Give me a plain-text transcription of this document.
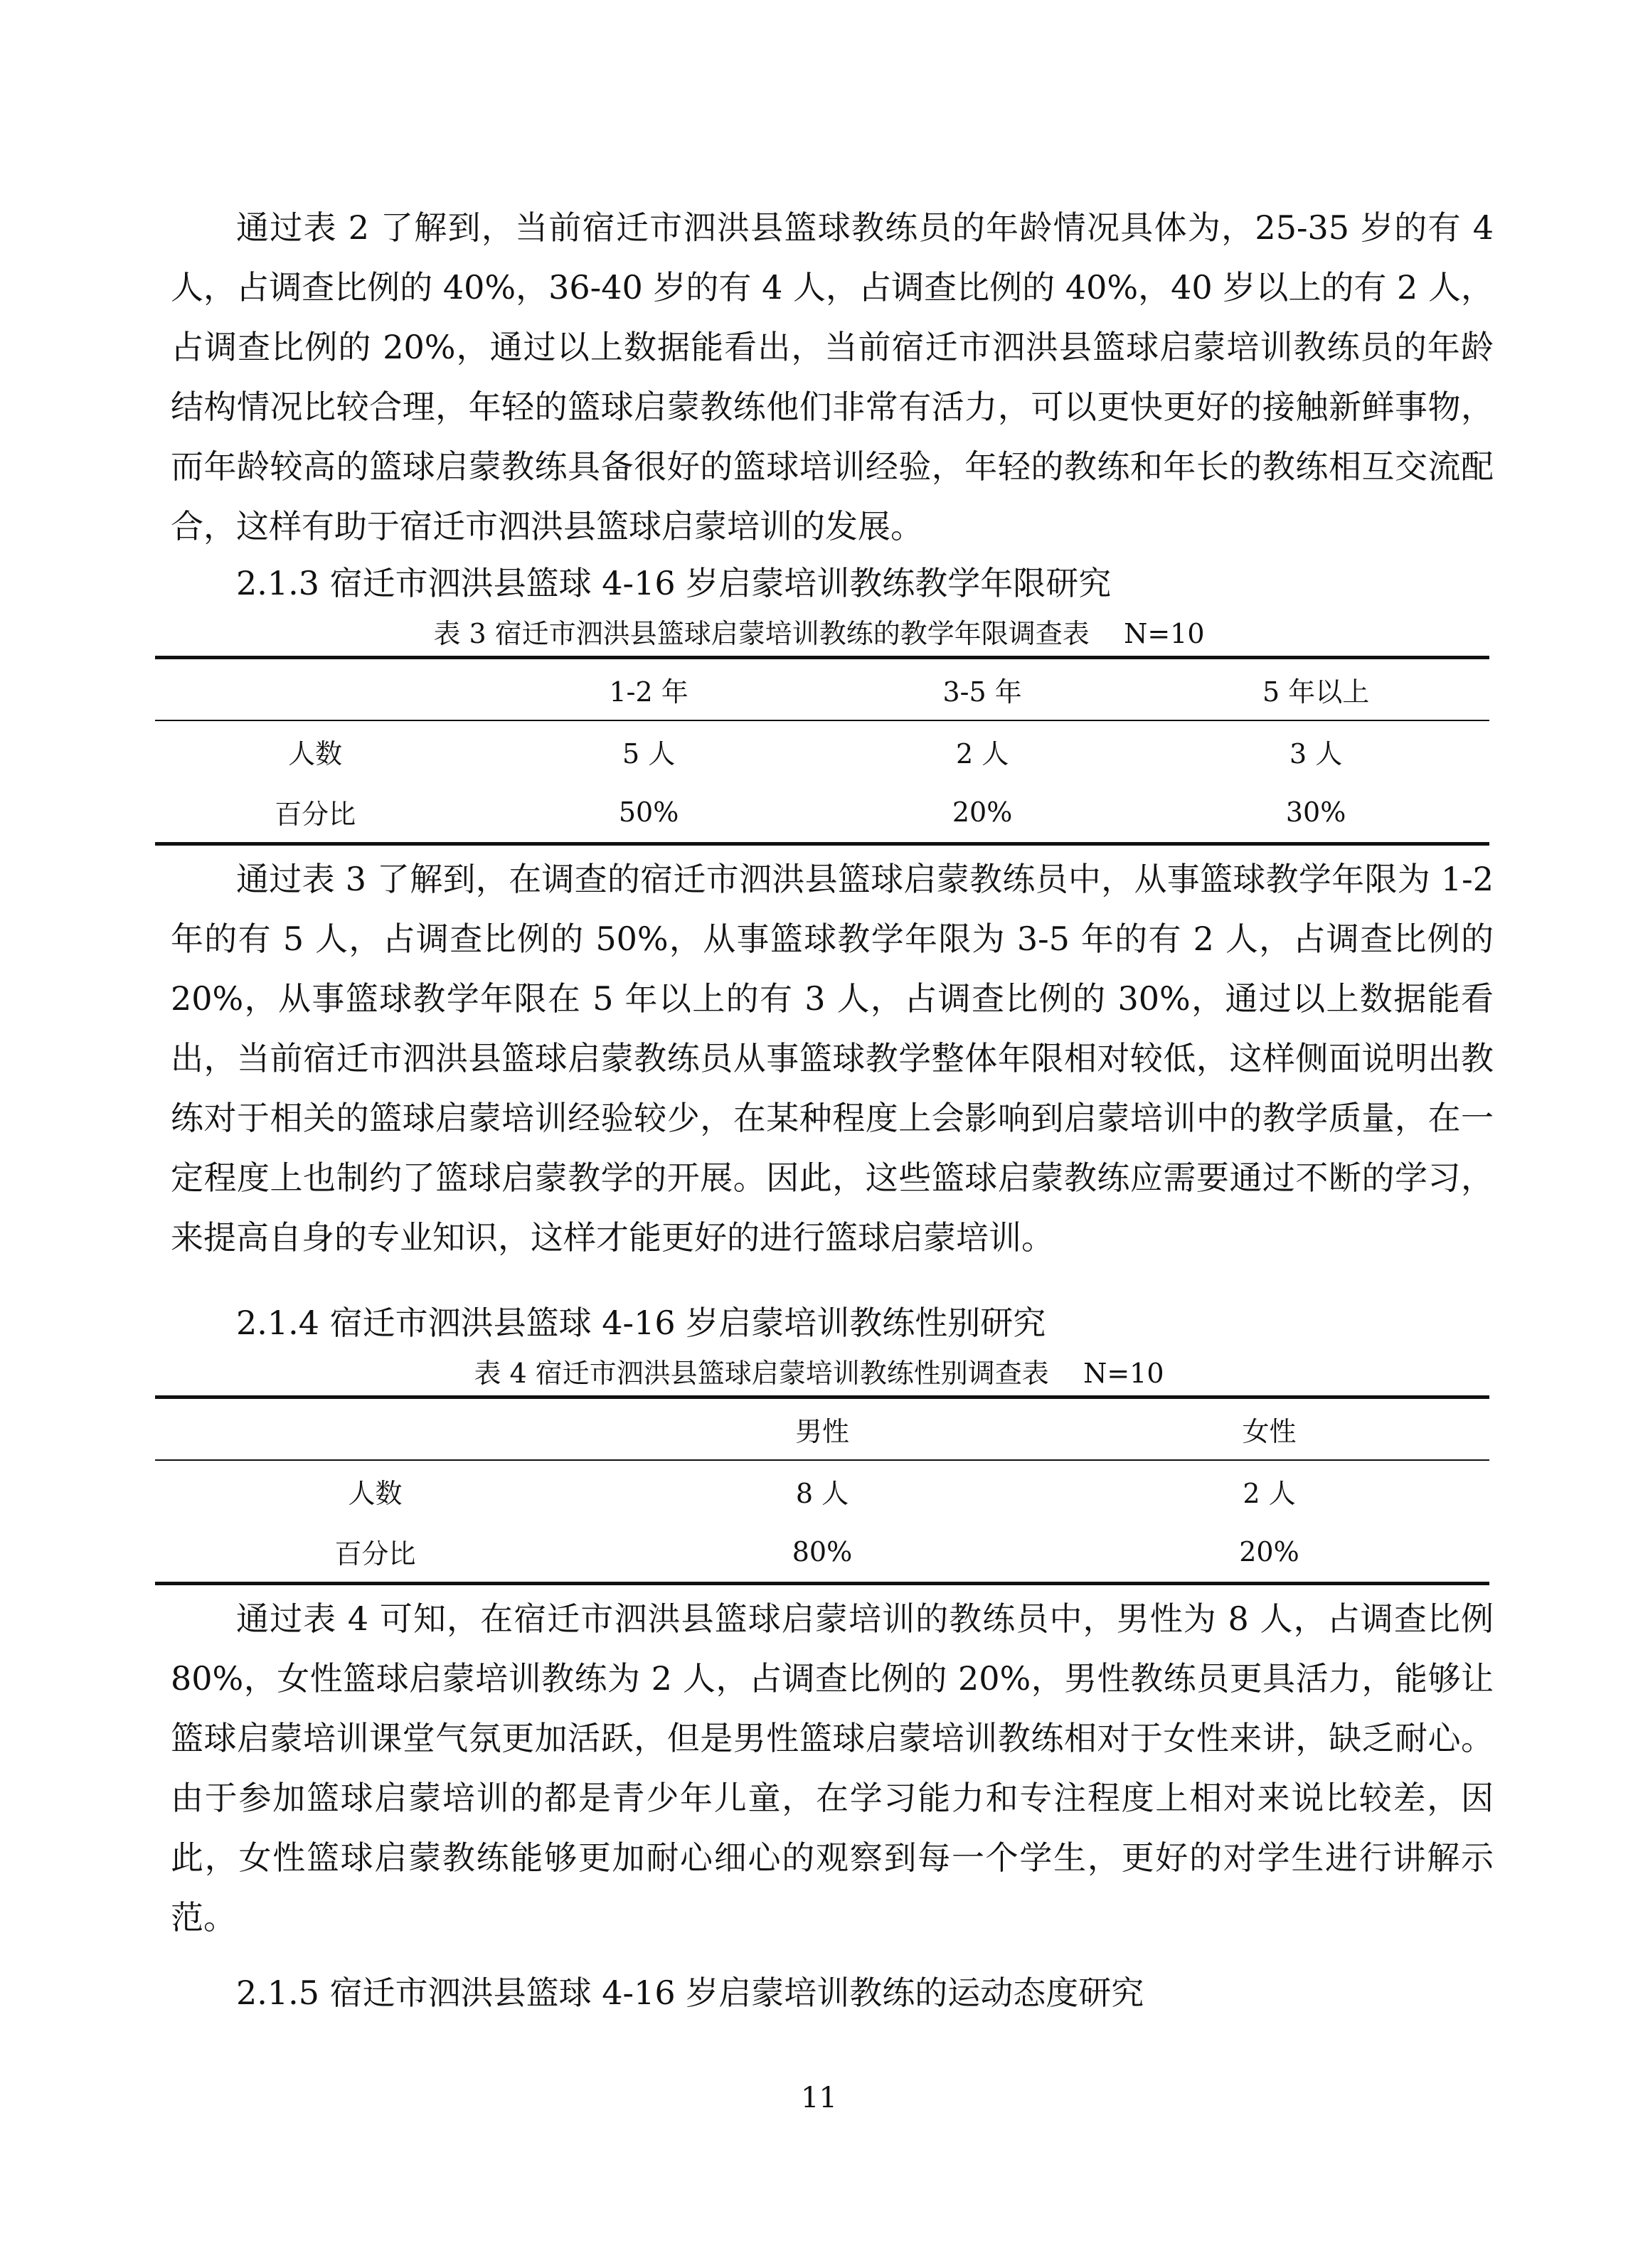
通过表 2 了解到，当前宿迁市泗洪县篮球教练员的年龄情况具体为，25-35 岁的有 4 人，占调查比例的 40%，36-40 岁的有 4 人，占调查比例的 40%，40 岁以上的有 2 人，占调查比例的 20%，通过以上数据能看出，当前宿迁市泗洪县篮球启蒙培训教练员的年龄结构情况比较合理，年轻的篮球启蒙教练他们非常有活力，可以更快更好的接触新鲜事物，而年龄较高的篮球启蒙教练具备很好的篮球培训经验，年轻的教练和年长的教练相互交流配合，这样有助于宿迁市泗洪县篮球启蒙培训的发展。

2.1.3 宿迁市泗洪县篮球 4-16 岁启蒙培训教练教学年限研究

表 3 宿迁市泗洪县篮球启蒙培训教练的教学年限调查表    N=10

	1-2 年	3-5 年	5 年以上
人数	5 人	2 人	3 人
百分比	50%	20%	30%

通过表 3 了解到，在调查的宿迁市泗洪县篮球启蒙教练员中，从事篮球教学年限为 1-2 年的有 5 人，占调查比例的 50%，从事篮球教学年限为 3-5 年的有 2 人，占调查比例的 20%，从事篮球教学年限在 5 年以上的有 3 人，占调查比例的 30%，通过以上数据能看出，当前宿迁市泗洪县篮球启蒙教练员从事篮球教学整体年限相对较低，这样侧面说明出教练对于相关的篮球启蒙培训经验较少，在某种程度上会影响到启蒙培训中的教学质量，在一定程度上也制约了篮球启蒙教学的开展。因此，这些篮球启蒙教练应需要通过不断的学习，来提高自身的专业知识，这样才能更好的进行篮球启蒙培训。

2.1.4 宿迁市泗洪县篮球 4-16 岁启蒙培训教练性别研究

表 4 宿迁市泗洪县篮球启蒙培训教练性别调查表    N=10

	男性	女性
人数	8 人	2 人
百分比	80%	20%

通过表 4 可知，在宿迁市泗洪县篮球启蒙培训的教练员中，男性为 8 人，占调查比例 80%，女性篮球启蒙培训教练为 2 人，占调查比例的 20%，男性教练员更具活力，能够让篮球启蒙培训课堂气氛更加活跃，但是男性篮球启蒙培训教练相对于女性来讲，缺乏耐心。由于参加篮球启蒙培训的都是青少年儿童，在学习能力和专注程度上相对来说比较差，因此，女性篮球启蒙教练能够更加耐心细心的观察到每一个学生，更好的对学生进行讲解示范。

2.1.5 宿迁市泗洪县篮球 4-16 岁启蒙培训教练的运动态度研究

11
